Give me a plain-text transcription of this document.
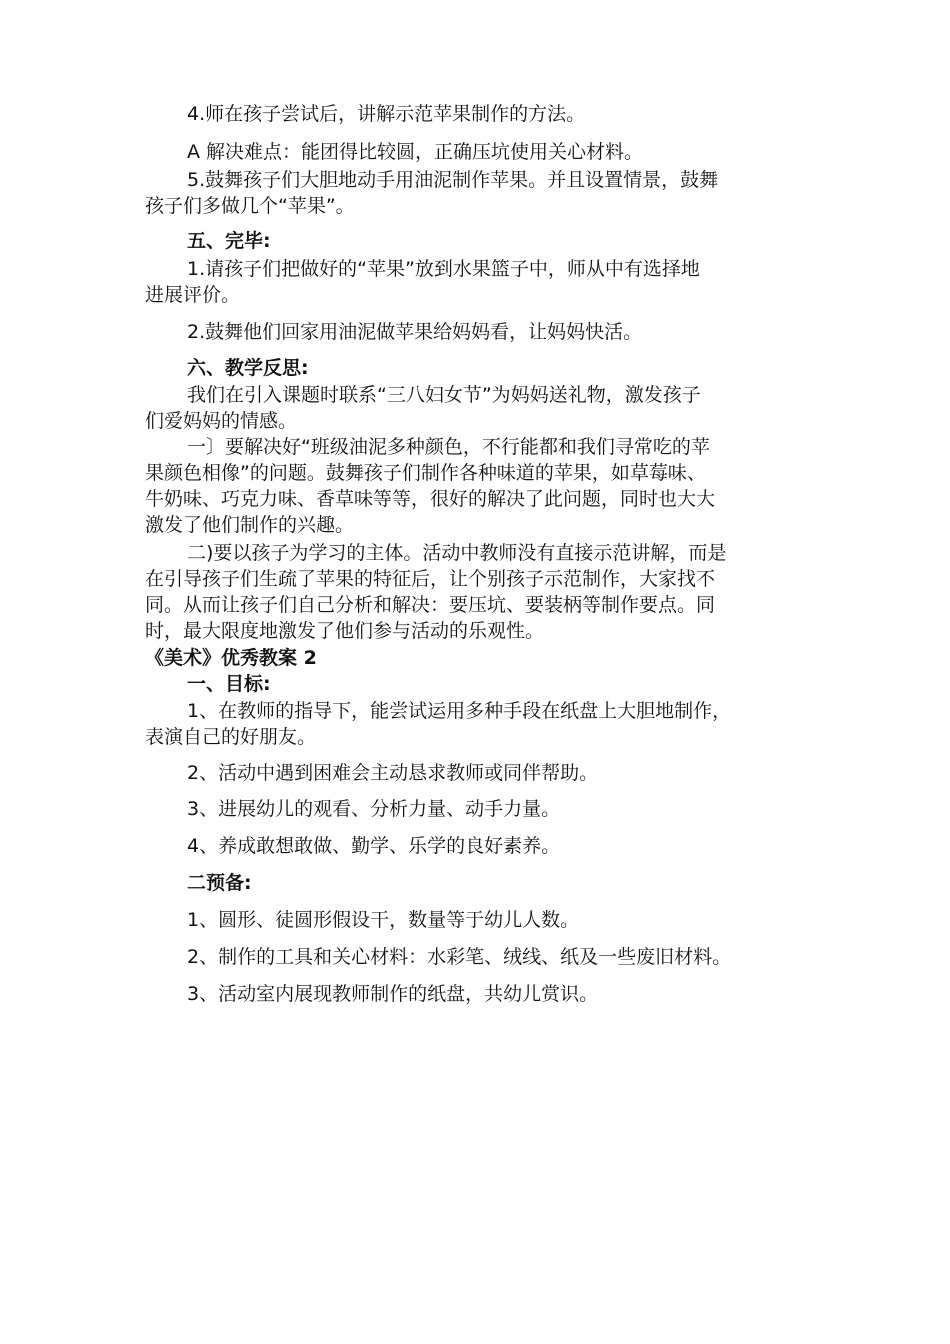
4.师在孩子尝试后，讲解示范苹果制作的方法。
A 解决难点：能团得比较圆，正确压坑使用关心材料。
5.鼓舞孩子们大胆地动手用油泥制作苹果。并且设置情景，鼓舞
孩子们多做几个“苹果”。
五、完毕:
1.请孩子们把做好的“苹果”放到水果篮子中，师从中有选择地
进展评价。
2.鼓舞他们回家用油泥做苹果给妈妈看，让妈妈快活。
六、教学反思:
我们在引入课题时联系“三八妇女节”为妈妈送礼物，激发孩子
们爱妈妈的情感。
一〕要解决好“班级油泥多种颜色，不行能都和我们寻常吃的苹
果颜色相像”的问题。鼓舞孩子们制作各种味道的苹果，如草莓味、
牛奶味、巧克力味、香草味等等，很好的解决了此问题，同时也大大
激发了他们制作的兴趣。
二)要以孩子为学习的主体。活动中教师没有直接示范讲解，而是
在引导孩子们生疏了苹果的特征后，让个别孩子示范制作，大家找不
同。从而让孩子们自己分析和解决：要压坑、要装柄等制作要点。同
时，最大限度地激发了他们参与活动的乐观性。
《美术》优秀教案 2
一、目标:
1、在教师的指导下，能尝试运用多种手段在纸盘上大胆地制作，
表演自己的好朋友。
2、活动中遇到困难会主动恳求教师或同伴帮助。
3、进展幼儿的观看、分析力量、动手力量。
4、养成敢想敢做、勤学、乐学的良好素养。
二预备:
1、圆形、徒圆形假设干，数量等于幼儿人数。
2、制作的工具和关心材料：水彩笔、绒线、纸及一些废旧材料。
3、活动室内展现教师制作的纸盘，共幼儿赏识。
